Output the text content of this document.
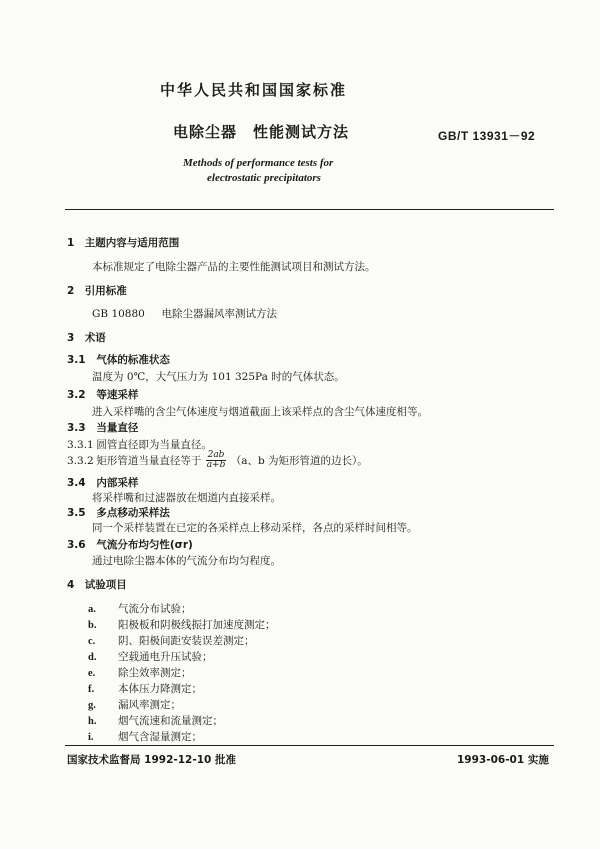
中华人民共和国国家标准
电除尘器　性能测试方法	GB/T 13931－92
Methods of performance tests for
electrostatic precipitators
1　主题内容与适用范围
本标准规定了电除尘器产品的主要性能测试项目和测试方法。
2　引用标准
GB 10880 电除尘器漏风率测试方法
3　术语
3.1 气体的标准状态
温度为 0℃，大气压力为 101 325Pa 时的气体状态。
3.2 等速采样
进入采样嘴的含尘气体速度与烟道截面上该采样点的含尘气体速度相等。
3.3 当量直径
3.3.1 圆管直径即为当量直径。
3.3.2 矩形管道当量直径等于 $\frac{2ab}{a+b} (a$、b 为矩形管道的边长）。
3.4 内部采样
将采样嘴和过滤器放在烟道内直接采样。
3.5 多点移动采样法
同一个采样装置在已定的各采样点上移动采样，各点的采样时间相等。
3.6 气流分布均匀性(σr)
通过电除尘器本体的气流分布均匀程度。
4　试验项目
a. 气流分布试验；
b. 阳极板和阴极线振打加速度测定；
c. 阴、阳极间距安装误差测定；
d. 空载通电升压试验；
e. 除尘效率测定；
f. 本体压力降测定；
g. 漏风率测定；
h. 烟气流速和流量测定；
i. 烟气含湿量测定；
国家技术监督局 1992-12-10 批准	1993-06-01 实施
